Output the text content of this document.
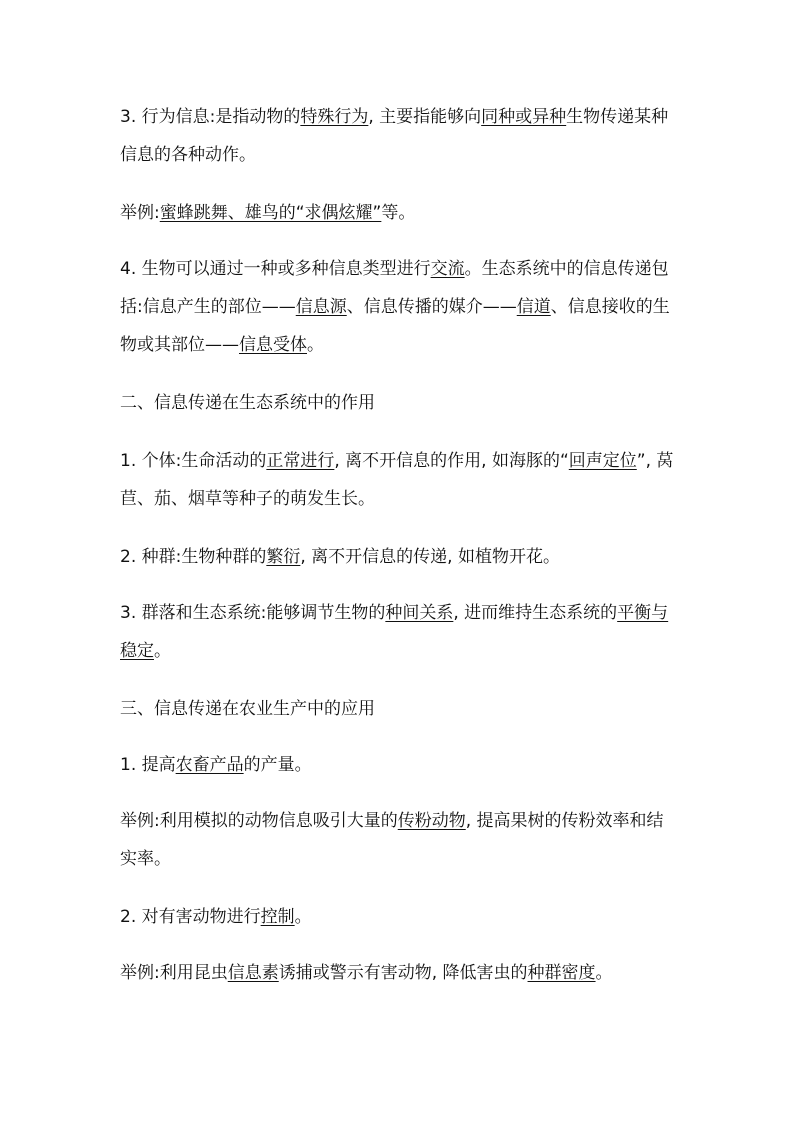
3. 行为信息:是指动物的特殊行为, 主要指能够向同种或异种生物传递某种信息的各种动作。

举例:蜜蜂跳舞、雄鸟的“求偶炫耀”等。

4. 生物可以通过一种或多种信息类型进行交流。生态系统中的信息传递包括:信息产生的部位——信息源、信息传播的媒介——信道、信息接收的生物或其部位——信息受体。

二、信息传递在生态系统中的作用

1. 个体:生命活动的正常进行, 离不开信息的作用, 如海豚的“回声定位”, 莴苣、茄、烟草等种子的萌发生长。

2. 种群:生物种群的繁衍, 离不开信息的传递, 如植物开花。

3. 群落和生态系统:能够调节生物的种间关系, 进而维持生态系统的平衡与稳定。

三、信息传递在农业生产中的应用

1. 提高农畜产品的产量。

举例:利用模拟的动物信息吸引大量的传粉动物, 提高果树的传粉效率和结实率。

2. 对有害动物进行控制。

举例:利用昆虫信息素诱捕或警示有害动物, 降低害虫的种群密度。
